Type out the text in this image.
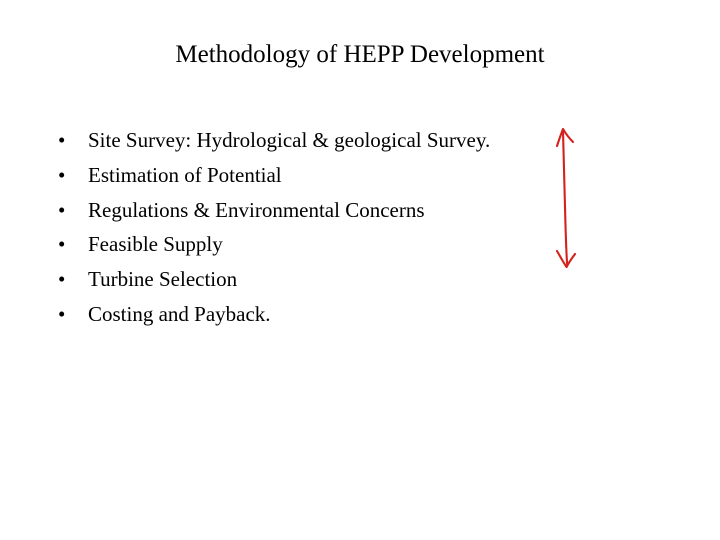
Methodology of HEPP Development
•	Site Survey: Hydrological & geological Survey.
•	Estimation of Potential
•	Regulations & Environmental Concerns
•	Feasible Supply
•	Turbine Selection
•	Costing and Payback.
